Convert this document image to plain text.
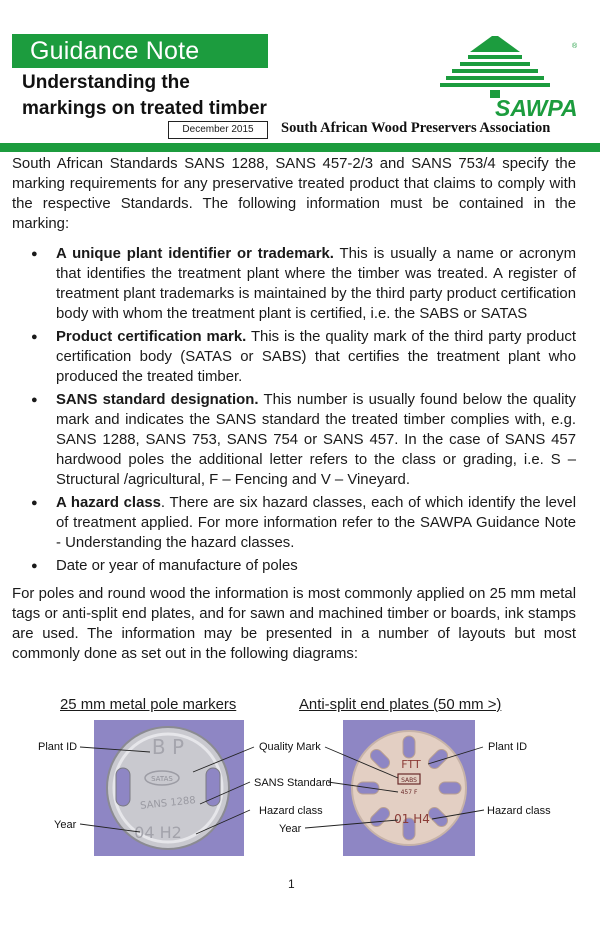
Guidance Note
Understanding the
markings on treated timber
December 2015
®
SAWPA
South African Wood Preservers Association

South African Standards SANS 1288, SANS 457-2/3 and SANS 753/4 specify the marking requirements for any preservative treated product that claims to comply with the respective Standards. The following information must be contained in the marking:

● A unique plant identifier or trademark. This is usually a name or acronym that identifies the treatment plant where the timber was treated. A register of treatment plant trademarks is maintained by the third party product certification body with whom the treatment plant is certified, i.e. the SABS or SATAS
● Product certification mark. This is the quality mark of the third party product certification body (SATAS or SABS) that certifies the treatment plant who produced the treated timber.
● SANS standard designation. This number is usually found below the quality mark and indicates the SANS standard the treated timber complies with, e.g. SANS 1288, SANS 753, SANS 754 or SANS 457. In the case of SANS 457 hardwood poles the additional letter refers to the class or grading, i.e. S – Structural /agricultural, F – Fencing and V – Vineyard.
● A hazard class. There are six hazard classes, each of which identify the level of treatment applied. For more information refer to the SAWPA Guidance Note - Understanding the hazard classes.
● Date or year of manufacture of poles

For poles and round wood the information is most commonly applied on 25 mm metal tags or anti-split end plates, and for sawn and machined timber or boards, ink stamps are used. The information may be presented in a number of layouts but most commonly done as set out in the following diagrams:

25 mm metal pole markers	Anti-split end plates (50 mm >)
B P
SATAS
SANS 1288
04 H2
FTT
SABS
457 F
01 H4
Plant ID
Year
Quality Mark
SANS Standard
Hazard class
Year
Plant ID
Hazard class
1
